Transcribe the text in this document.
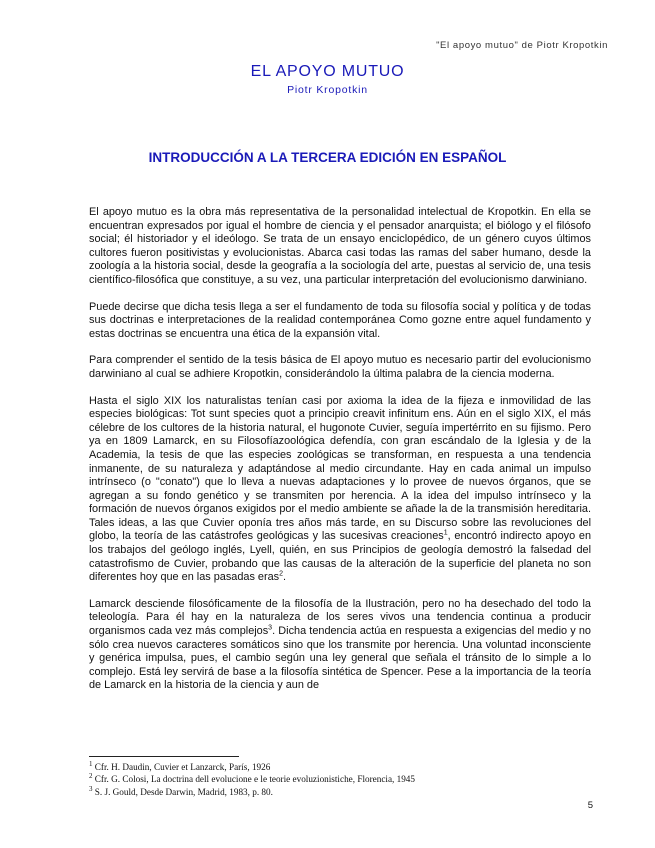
"El apoyo mutuo" de Piotr Kropotkin
EL APOYO MUTUO
Piotr Kropotkin
INTRODUCCIÓN A LA TERCERA EDICIÓN EN ESPAÑOL

El apoyo mutuo es la obra más representativa de la personalidad intelectual de Kropotkin. En ella se encuentran expresados por igual el hombre de ciencia y el pensador anarquista; el biólogo y el filósofo social; él historiador y el ideólogo. Se trata de un ensayo enciclopédico, de un género cuyos últimos cultores fueron positivistas y evolucionistas. Abarca casi todas las ramas del saber humano, desde la zoología a la historia social, desde la geografía a la sociología del arte, puestas al servicio de, una tesis científico-filosófica que constituye, a su vez, una particular interpretación del evolucionismo darwiniano.

Puede decirse que dicha tesis llega a ser el fundamento de toda su filosofía social y política y de todas sus doctrinas e interpretaciones de la realidad contemporánea Como gozne entre aquel fundamento y estas doctrinas se encuentra una ética de la expansión vital.

Para comprender el sentido de la tesis básica de El apoyo mutuo es necesario partir del evolucionismo darwiniano al cual se adhiere Kropotkin, considerándolo la última palabra de la ciencia moderna.

Hasta el siglo XIX los naturalistas tenían casi por axioma la idea de la fijeza e inmovilidad de las especies biológicas: Tot sunt species quot a principio creavit infinitum ens. Aún en el siglo XIX, el más célebre de los cultores de la historia natural, el hugonote Cuvier, seguía impertérrito en su fijismo. Pero ya en 1809 Lamarck, en su Filosofíazoológica defendía, con gran escándalo de la Iglesia y de la Academia, la tesis de que las especies zoológicas se transforman, en respuesta a una tendencia inmanente, de su naturaleza y adaptándose al medio circundante. Hay en cada animal un impulso intrínseco (o "conato") que lo lleva a nuevas adaptaciones y lo provee de nuevos órganos, que se agregan a su fondo genético y se transmiten por herencia. A la idea del impulso intrínseco y la formación de nuevos órganos exigidos por el medio ambiente se añade la de la transmisión hereditaria. Tales ideas, a las que Cuvier oponía tres años más tarde, en su Discurso sobre las revoluciones del globo, la teoría de las catástrofes geológicas y las sucesivas creaciones$^1$, encontró indirecto apoyo en los trabajos del geólogo inglés, Lyell, quién, en sus Principios de geología demostró la falsedad del catastrofismo de Cuvier, probando que las causas de la alteración de la superficie del planeta no son diferentes hoy que en las pasadas eras$^2$.

Lamarck desciende filosóficamente de la filosofía de la Ilustración, pero no ha desechado del todo la teleología. Para él hay en la naturaleza de los seres vivos una tendencia continua a producir organismos cada vez más complejos$^3$. Dicha tendencia actúa en respuesta a exigencias del medio y no sólo crea nuevos caracteres somáticos sino que los transmite por herencia. Una voluntad inconsciente y genérica impulsa, pues, el cambio según una ley general que señala el tránsito de lo simple a lo complejo. Está ley servirá de base a la filosofía sintética de Spencer. Pese a la importancia de la teoría de Lamarck en la historia de la ciencia y aun de

$^1$ Cfr. H. Daudin, Cuvier et Lanzarck, París, 1926
$^2$ Cfr. G. Colosi, La doctrina dell evolucione e le teorie evoluzionistiche, Florencia, 1945
$^3$ S. J. Gould, Desde Darwin, Madrid, 1983, p. 80.
5
